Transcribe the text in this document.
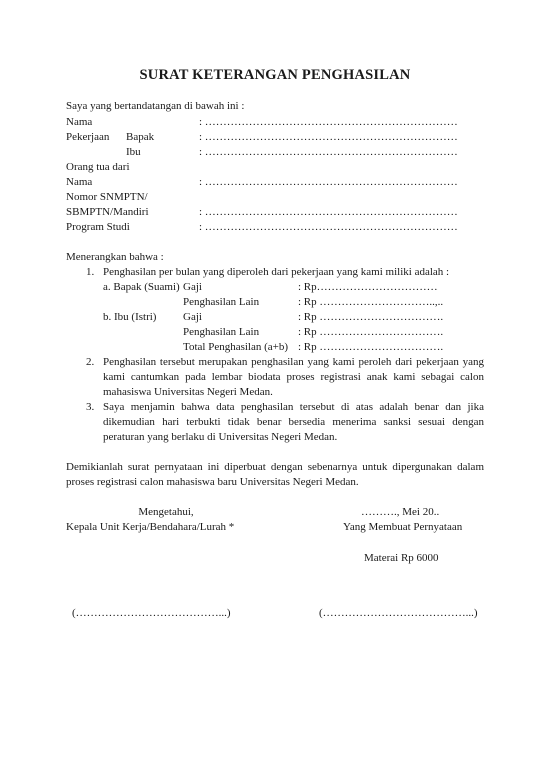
SURAT KETERANGAN PENGHASILAN
Saya yang bertandatangan di bawah ini :
Nama	: ……………………………………………………………
Pekerjaan Bapak	: ……………………………………………………………
Ibu	: ……………………………………………………………
Orang tua dari
Nama	: ……………………………………………………………
Nomor SNMPTN/
SBMPTN/Mandiri	: ……………………………………………………………
Program Studi	: ……………………………………………………………
Menerangkan bahwa :
1. Penghasilan per bulan yang diperoleh dari pekerjaan yang kami miliki adalah :
a. Bapak (Suami) Gaji	: Rp……………………………
Penghasilan Lain	: Rp …………………………..,..
b. Ibu (Istri) Gaji	: Rp …………………………….
Penghasilan Lain	: Rp …………………………….
Total Penghasilan (a+b) : Rp …………………………….
2. Penghasilan tersebut merupakan penghasilan yang kami peroleh dari pekerjaan yang
kami cantumkan pada lembar biodata proses registrasi anak kami sebagai calon
mahasiswa Universitas Negeri Medan.
3. Saya menjamin bahwa data penghasilan tersebut di atas adalah benar dan jika
dikemudian hari terbukti tidak benar bersedia menerima sanksi sesuai dengan
peraturan yang berlaku di Universitas Negeri Medan.
Demikianlah surat pernyataan ini diperbuat dengan sebenarnya untuk dipergunakan dalam
proses registrasi calon mahasiswa baru Universitas Negeri Medan.
Mengetahui,
Kepala Unit Kerja/Bendahara/Lurah *
………., Mei 20..
Yang Membuat Pernyataan
Materai Rp 6000
(…………………………………...)	(…………………………………...)
